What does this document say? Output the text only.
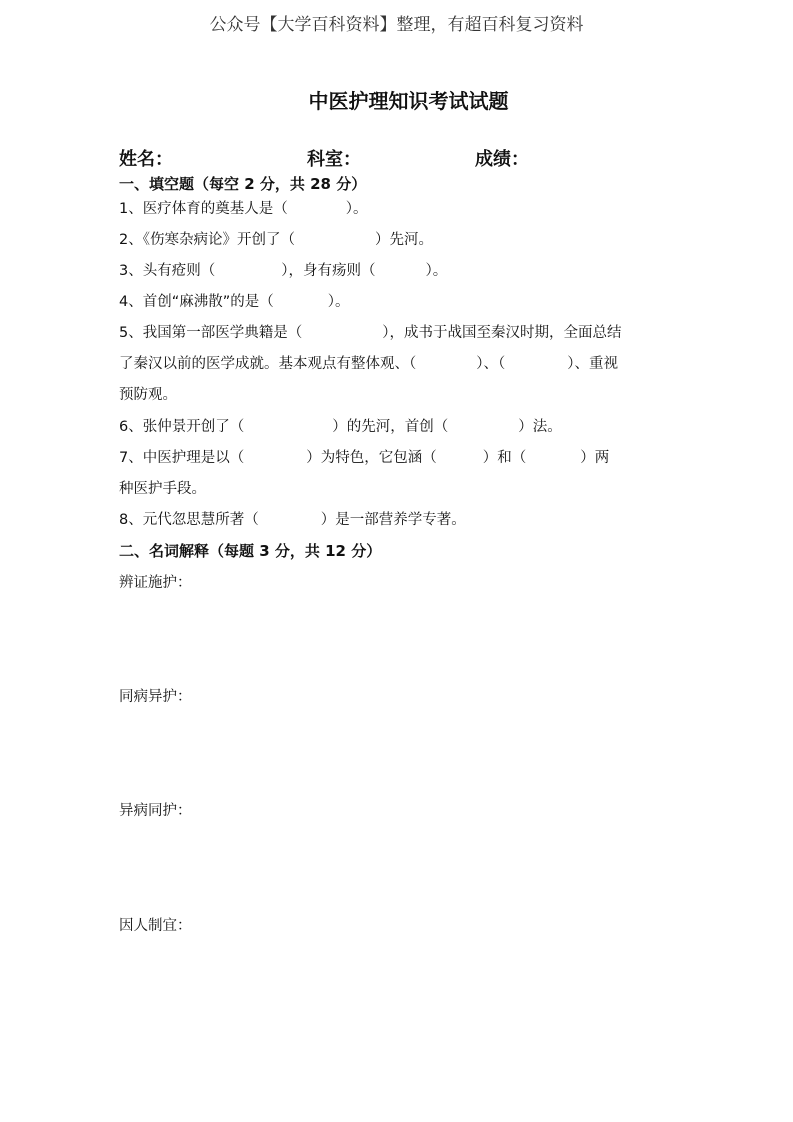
公众号【大学百科资料】整理，有超百科复习资料
中医护理知识考试试题
姓名：	科室：	成绩：
一、填空题（每空 2 分，共 28 分）
1、医疗体育的奠基人是（	）。
2、《伤寒杂病论》开创了（	）先河。
3、头有疮则（	），身有疡则（	）。
4、首创“麻沸散”的是（	）。
5、我国第一部医学典籍是（	），成书于战国至秦汉时期，全面总结
了秦汉以前的医学成就。基本观点有整体观、（	）、（	）、重视
预防观。
6、张仲景开创了（	）的先河，首创（	）法。
7、中医护理是以（	）为特色，它包涵（	）和（	）两
种医护手段。
8、元代忽思慧所著（	）是一部营养学专著。
二、名词解释（每题 3 分，共 12 分）
辨证施护：
同病异护：
异病同护：
因人制宜：
